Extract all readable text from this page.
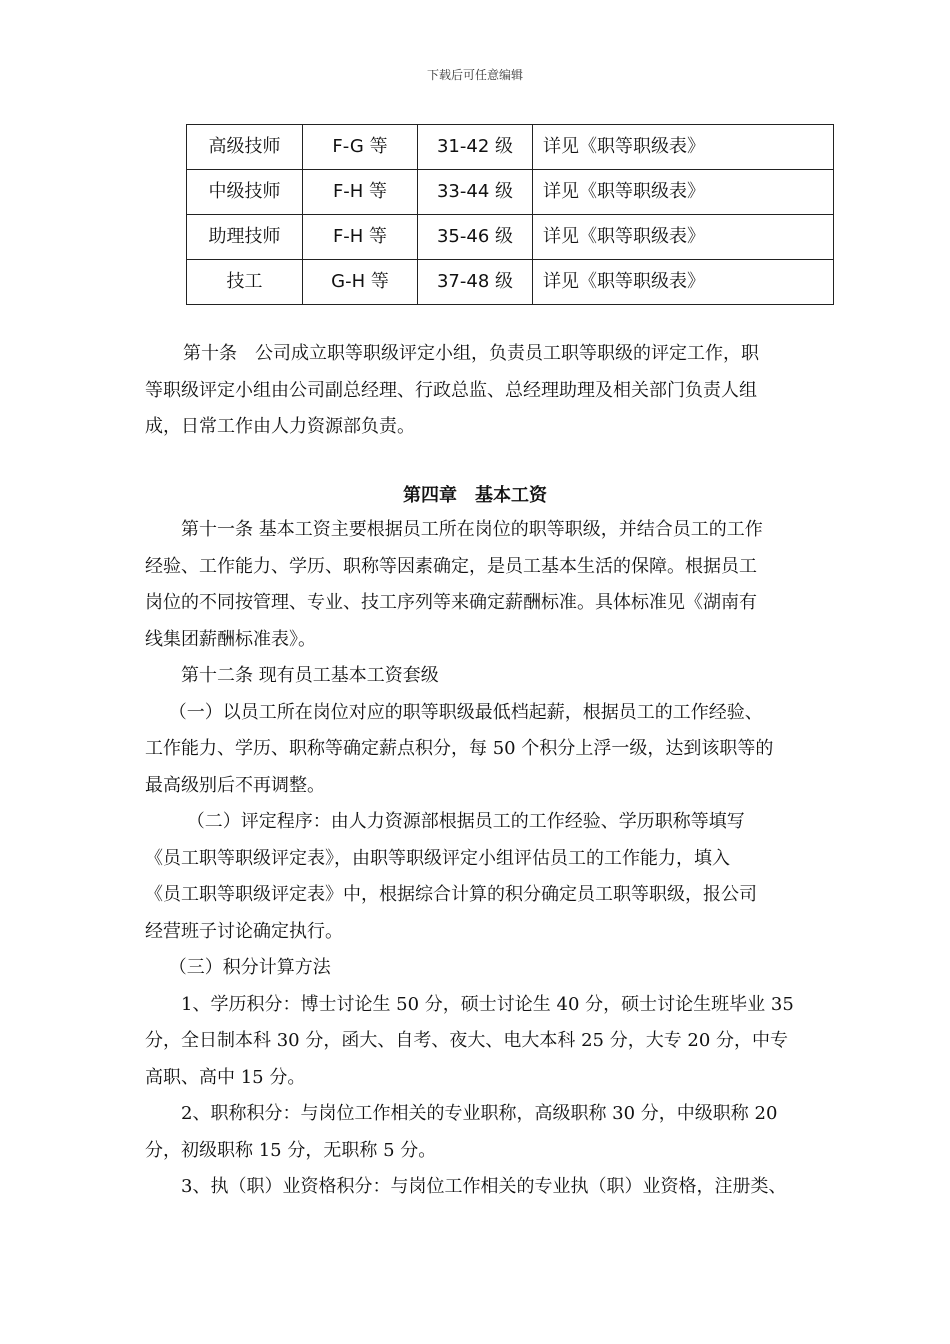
下载后可任意编辑
高级技师	F-G 等	31-42 级	详见《职等职级表》
中级技师	F-H 等	33-44 级	详见《职等职级表》
助理技师	F-H 等	35-46 级	详见《职等职级表》
技工	G-H 等	37-48 级	详见《职等职级表》
第十条　公司成立职等职级评定小组，负责员工职等职级的评定工作，职
等职级评定小组由公司副总经理、行政总监、总经理助理及相关部门负责人组
成，日常工作由人力资源部负责。
第四章　基本工资
　　第十一条 基本工资主要根据员工所在岗位的职等职级，并结合员工的工作
经验、工作能力、学历、职称等因素确定，是员工基本生活的保障。根据员工
岗位的不同按管理、专业、技工序列等来确定薪酬标准。具体标准见《湖南有
线集团薪酬标准表》。
　　第十二条 现有员工基本工资套级
　 （一）以员工所在岗位对应的职等职级最低档起薪，根据员工的工作经验、
工作能力、学历、职称等确定薪点积分，每 50 个积分上浮一级，达到该职等的
最高级别后不再调整。
　　 （二）评定程序：由人力资源部根据员工的工作经验、学历职称等填写
《员工职等职级评定表》，由职等职级评定小组评估员工的工作能力，填入
《员工职等职级评定表》中，根据综合计算的积分确定员工职等职级，报公司
经营班子讨论确定执行。
　 （三）积分计算方法
　　1、学历积分：博士讨论生 50 分，硕士讨论生 40 分，硕士讨论生班毕业 35
分，全日制本科 30 分，函大、自考、夜大、电大本科 25 分，大专 20 分，中专
高职、高中 15 分。
　　2、职称积分：与岗位工作相关的专业职称，高级职称 30 分，中级职称 20
分，初级职称 15 分，无职称 5 分。
　　3、执（职）业资格积分：与岗位工作相关的专业执（职）业资格，注册类、
